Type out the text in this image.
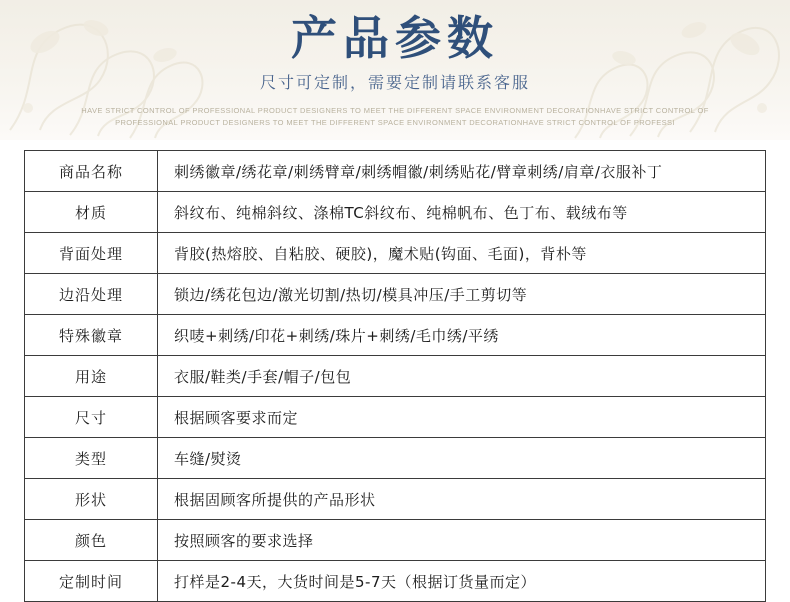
产品参数
尺寸可定制，需要定制请联系客服
HAVE STRICT CONTROL OF PROFESSIONAL PRODUCT DESIGNERS TO MEET THE DIFFERENT SPACE ENVIRONMENT DECORATIONHAVE STRICT CONTROL OF PROFESSIONAL PRODUCT DESIGNERS TO MEET THE DIFFERENT SPACE ENVIRONMENT DECORATIONHAVE STRICT CONTROL OF PROFESSI
商品名称	刺绣徽章/绣花章/刺绣臂章/刺绣帽徽/刺绣贴花/臂章刺绣/肩章/衣服补丁
材质	斜纹布、纯棉斜纹、涤棉TC斜纹布、纯棉帆布、色丁布、载绒布等
背面处理	背胶(热熔胶、自粘胶、硬胶)，魔术贴(钩面、毛面)，背朴等
边沿处理	锁边/绣花包边/激光切割/热切/模具冲压/手工剪切等
特殊徽章	织唛+刺绣/印花+刺绣/珠片+刺绣/毛巾绣/平绣
用途	衣服/鞋类/手套/帽子/包包
尺寸	根据顾客要求而定
类型	车缝/熨烫
形状	根据固顾客所提供的产品形状
颜色	按照顾客的要求选择
定制时间	打样是2-4天，大货时间是5-7天（根据订货量而定）
